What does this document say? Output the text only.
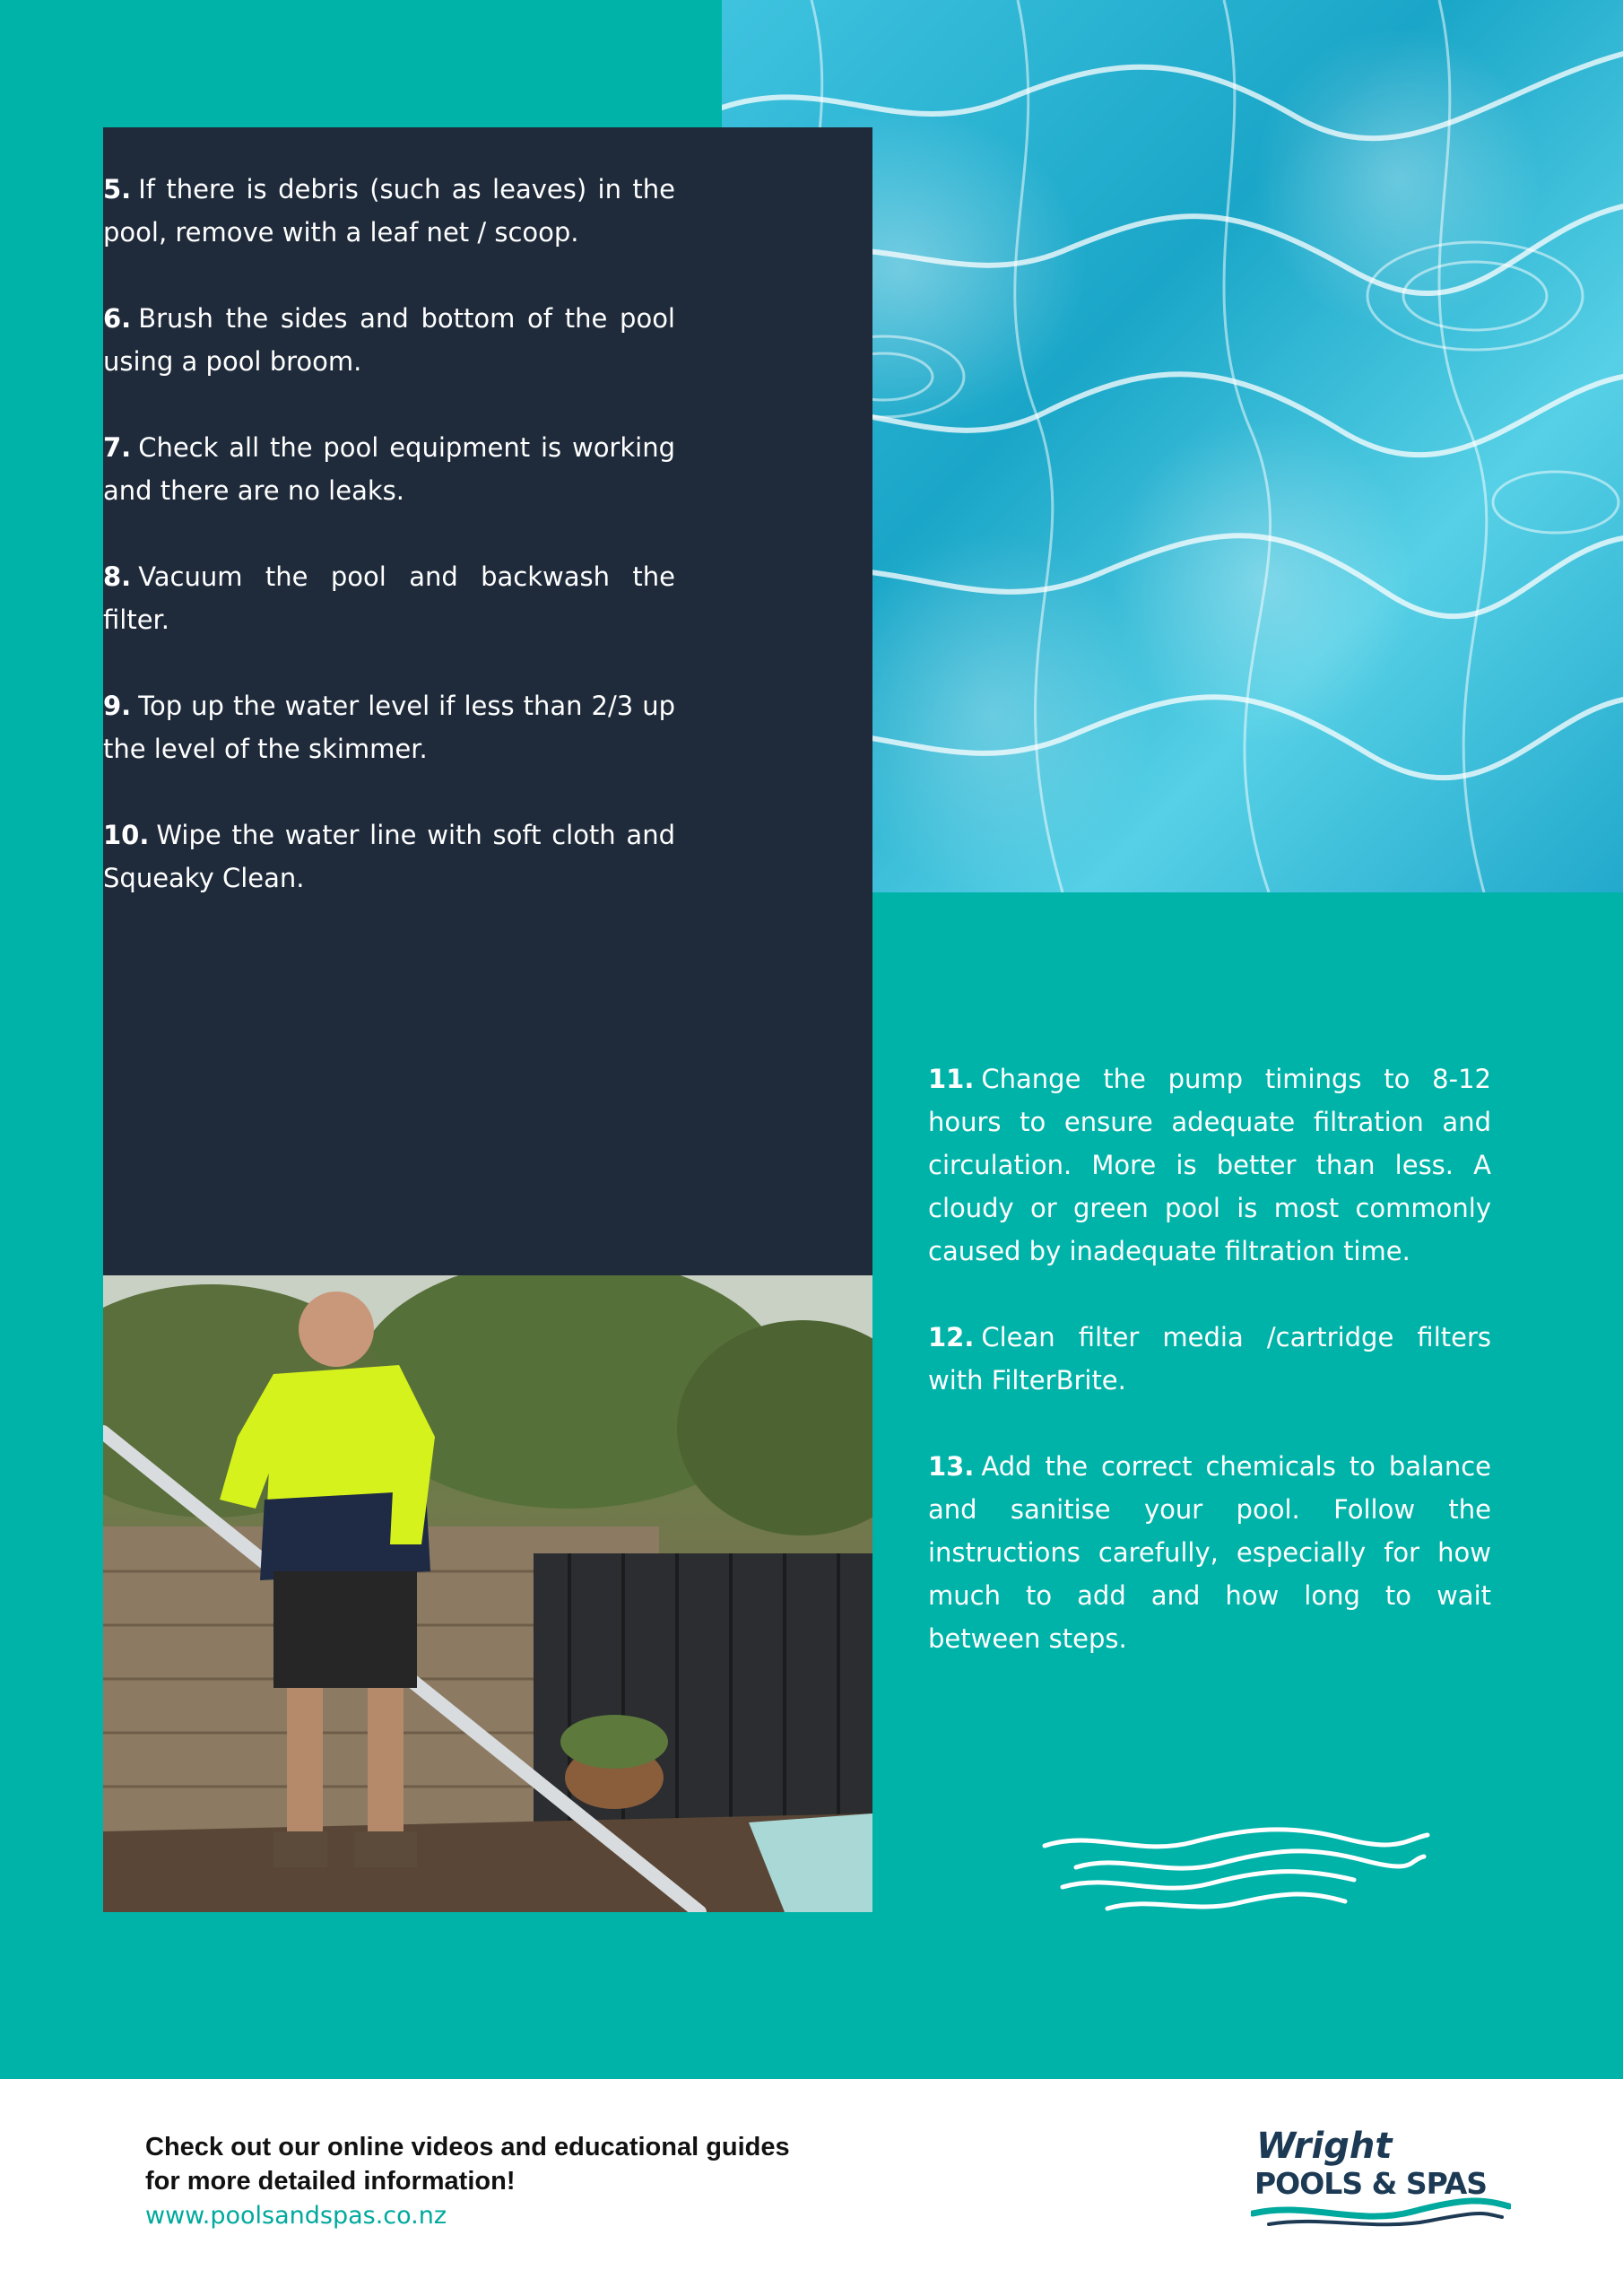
5. If there is debris (such as leaves) in the pool, remove with a leaf net / scoop.

6. Brush the sides and bottom of the pool using a pool broom.

7. Check all the pool equipment is working and there are no leaks.

8. Vacuum the pool and backwash the filter.

9. Top up the water level if less than 2/3 up the level of the skimmer.

10. Wipe the water line with soft cloth and Squeaky Clean.

11. Change the pump timings to 8-12 hours to ensure adequate filtration and circulation. More is better than less. A cloudy or green pool is most commonly caused by inadequate filtration time.

12. Clean filter media /cartridge filters with FilterBrite.

13. Add the correct chemicals to balance and sanitise your pool. Follow the instructions carefully, especially for how much to add and how long to wait between steps.

Check out our online videos and educational guides
for more detailed information!
www.poolsandspas.co.nz
Wright
POOLS & SPAS
